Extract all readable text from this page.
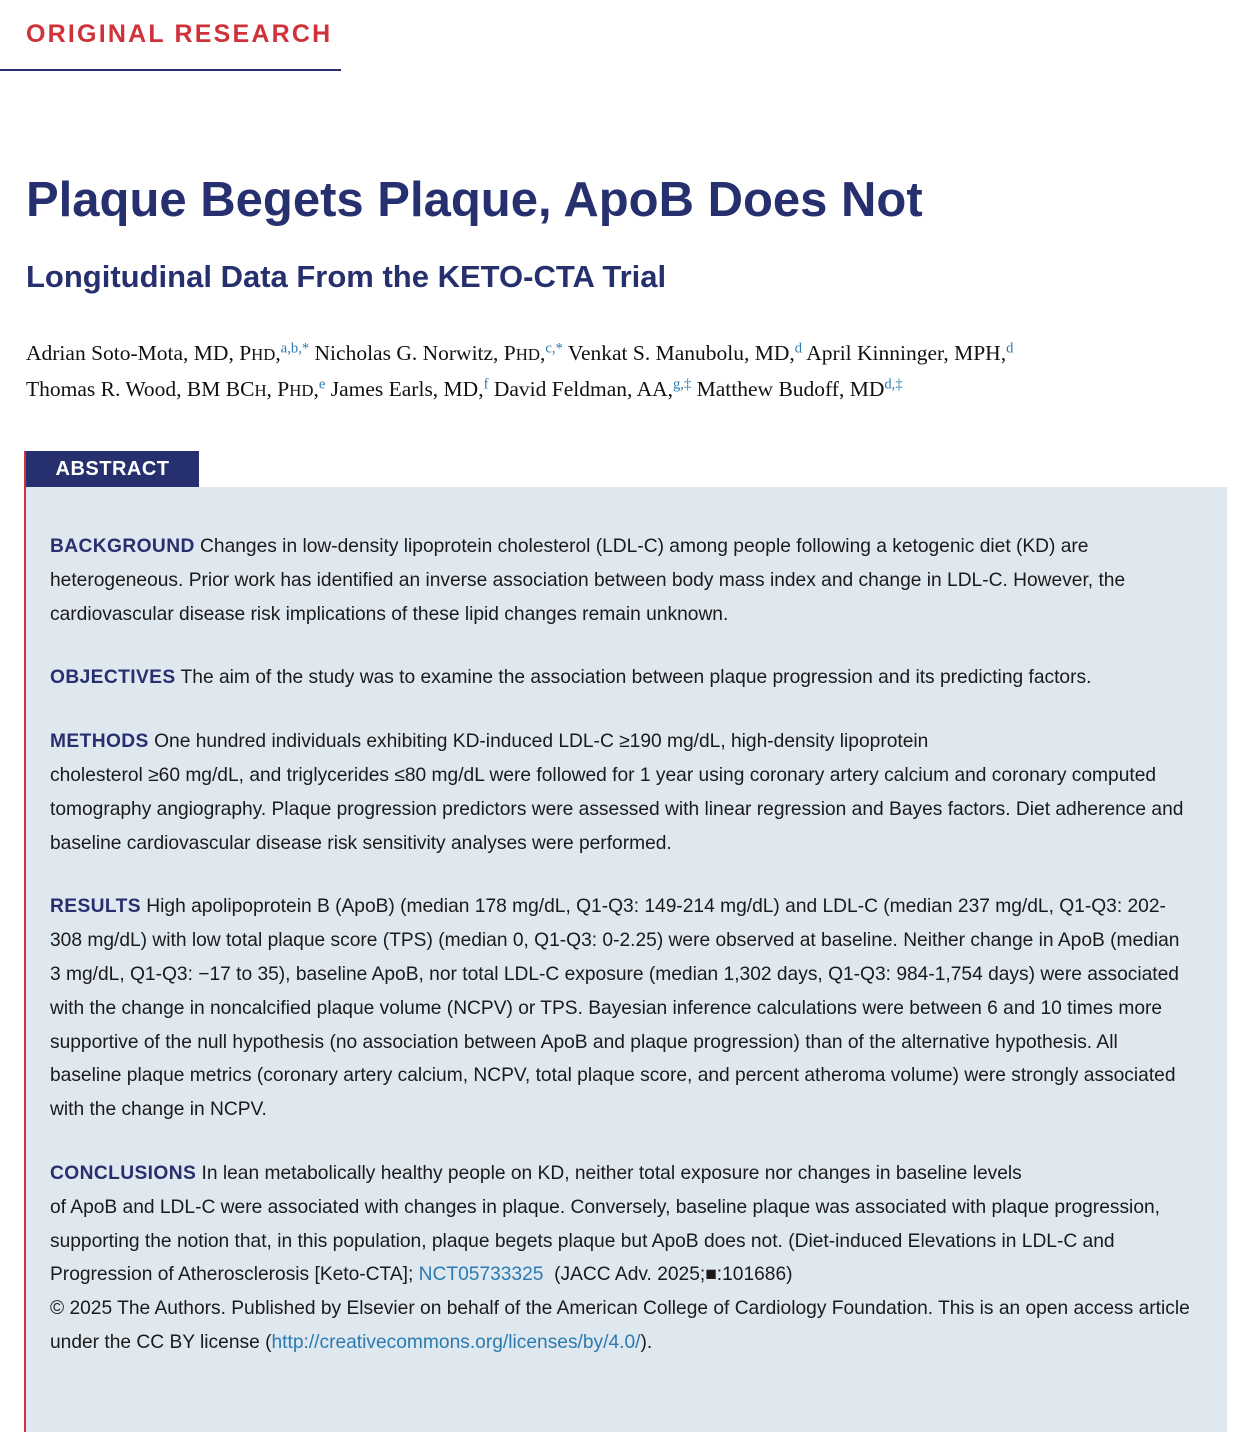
ORIGINAL RESEARCH
Plaque Begets Plaque, ApoB Does Not
Longitudinal Data From the KETO-CTA Trial
Adrian Soto-Mota, MD, PHD,$^{a,b,*}$ Nicholas G. Norwitz, PHD,$^{c,*}$ Venkat S. Manubolu, MD,$^d$ April Kinninger, MPH,$^d$
Thomas R. Wood, BM BCH, PHD,$^e$ James Earls, MD,$^f$ David Feldman, AA,$^{g,\ddagger}$ Matthew Budoff, MD$^{d,\ddagger}$
ABSTRACT

BACKGROUND Changes in low-density lipoprotein cholesterol (LDL-C) among people following a ketogenic diet (KD) are heterogeneous. Prior work has identified an inverse association between body mass index and change in LDL-C. However, the cardiovascular disease risk implications of these lipid changes remain unknown.

OBJECTIVES The aim of the study was to examine the association between plaque progression and its predicting factors.

METHODS One hundred individuals exhibiting KD-induced LDL-C ≥190 mg/dL, high-density lipoprotein
cholesterol ≥60 mg/dL, and triglycerides ≤80 mg/dL were followed for 1 year using coronary artery calcium and coronary computed tomography angiography. Plaque progression predictors were assessed with linear regression and Bayes factors. Diet adherence and baseline cardiovascular disease risk sensitivity analyses were performed.

RESULTS High apolipoprotein B (ApoB) (median 178 mg/dL, Q1-Q3: 149-214 mg/dL) and LDL-C (median 237 mg/dL, Q1-Q3: 202-308 mg/dL) with low total plaque score (TPS) (median 0, Q1-Q3: 0-2.25) were observed at baseline. Neither change in ApoB (median 3 mg/dL, Q1-Q3: −17 to 35), baseline ApoB, nor total LDL-C exposure (median 1,302 days, Q1-Q3: 984-1,754 days) were associated with the change in noncalcified plaque volume (NCPV) or TPS. Bayesian inference calculations were between 6 and 10 times more supportive of the null hypothesis (no association between ApoB and plaque progression) than of the alternative hypothesis. All baseline plaque metrics (coronary artery calcium, NCPV, total plaque score, and percent atheroma volume) were strongly associated with the change in NCPV.

CONCLUSIONS In lean metabolically healthy people on KD, neither total exposure nor changes in baseline levels
of ApoB and LDL-C were associated with changes in plaque. Conversely, baseline plaque was associated with plaque progression, supporting the notion that, in this population, plaque begets plaque but ApoB does not. (Diet-induced Elevations in LDL-C and Progression of Atherosclerosis [Keto-CTA]; NCT05733325 (JACC Adv. 2025;■:101686)
© 2025 The Authors. Published by Elsevier on behalf of the American College of Cardiology Foundation. This is an open access article under the CC BY license (http://creativecommons.org/licenses/by/4.0/).
